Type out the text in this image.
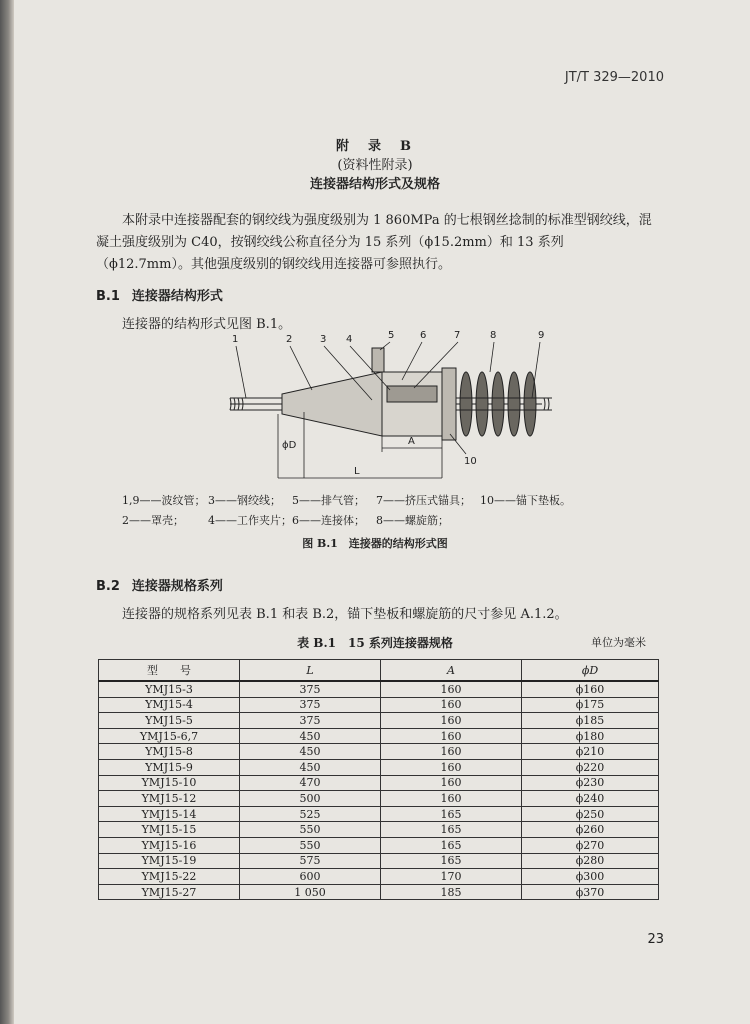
JT/T 329—2010
附　录　B
(资料性附录)
连接器结构形式及规格
本附录中连接器配套的钢绞线为强度级别为 1 860MPa 的七根钢丝捻制的标准型钢绞线，混凝土强度级别为 C40，按钢绞线公称直径分为 15 系列（ϕ15.2mm）和 13 系列（ϕ12.7mm）。其他强度级别的钢绞线用连接器可参照执行。
B.1 连接器结构形式
连接器的结构形式见图 B.1。
1	2	3 4	5	6	7	8	9
10
ϕD	A
L
1,9——波纹管； 3——钢绞线； 5——排气管； 7——挤压式锚具； 10——锚下垫板。
2——罩壳； 4——工作夹片；6——连接体； 8——螺旋筋；
图 B.1　连接器的结构形式图
B.2 连接器规格系列
连接器的规格系列见表 B.1 和表 B.2，锚下垫板和螺旋筋的尺寸参见 A.1.2。
表 B.1　15 系列连接器规格	单位为毫米
型　　号	L	A	ϕD
YMJ15-3	375	160	ϕ160
YMJ15-4	375	160	ϕ175
YMJ15-5	375	160	ϕ185
YMJ15-6,7	450	160	ϕ180
YMJ15-8	450	160	ϕ210
YMJ15-9	450	160	ϕ220
YMJ15-10	470	160	ϕ230
YMJ15-12	500	160	ϕ240
YMJ15-14	525	165	ϕ250
YMJ15-15	550	165	ϕ260
YMJ15-16	550	165	ϕ270
YMJ15-19	575	165	ϕ280
YMJ15-22	600	170	ϕ300
YMJ15-27	1 050	185	ϕ370
23
